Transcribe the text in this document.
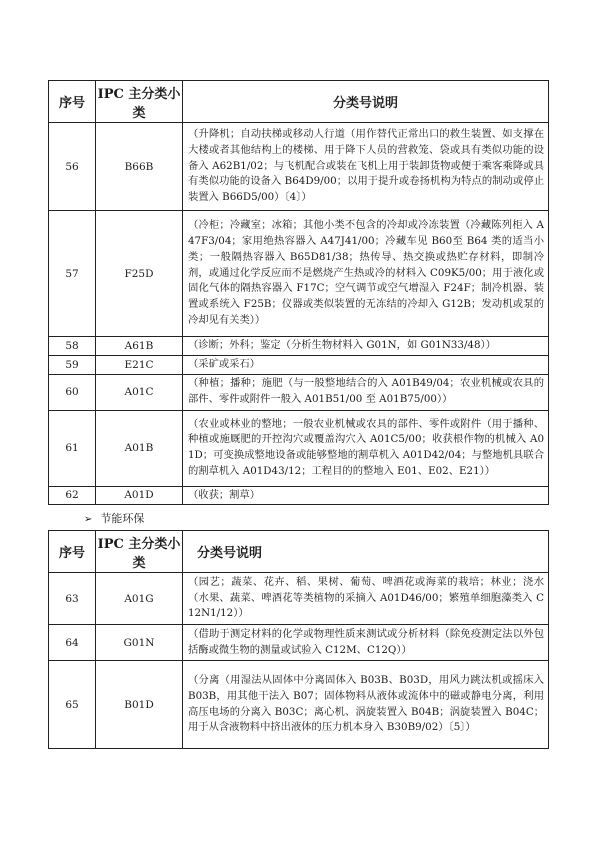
序号	IPC 主分类小类	分类号说明
56	B66B	（升降机；自动扶梯或移动人行道（用作替代正常出口的救生装置、如支撑在大楼或者其他结构上的楼梯、用于降下人员的营救笼、袋或具有类似功能的设备入 A62B1/02；与飞机配合或装在飞机上用于装卸货物或便于乘客乘降或具有类似功能的设备入 B64D9/00；以用于提升或卷扬机构为特点的制动或停止装置入 B66D5/00）〔4〕）
57	F25D	（冷柜；冷藏室；冰箱；其他小类不包含的冷却或冷冻装置（冷藏陈列柜入 A47F3/04；家用绝热容器入 A47J41/00；冷藏车见 B60至 B64 类的适当小类；一般隔热容器入 B65D81/38；热传导、热交换或热贮存材料，即制冷剂，或通过化学反应而不是燃烧产生热或冷的材料入 C09K5/00；用于液化或固化气体的隔热容器入 F17C；空气调节或空气增湿入 F24F；制冷机器、装置或系统入 F25B；仪器或类似装置的无冻结的冷却入 G12B；发动机或泵的冷却见有关类））
58	A61B	（诊断；外科；鉴定（分析生物材料入 G01N，如 G01N33/48））
59	E21C	（采矿或采石）
60	A01C	（种植；播种；施肥（与一般整地结合的入 A01B49/04；农业机械或农具的部件、零件或附件一般入 A01B51/00 至 A01B75/00））
61	A01B	（农业或林业的整地；一般农业机械或农具的部件、零件或附件（用于播种、种植或施厩肥的开控沟穴或覆盖沟穴入 A01C5/00；收获根作物的机械入 A01D；可变换成整地设备或能够整地的割草机入 A01D42/04；与整地机具联合的割草机入 A01D43/12；工程目的的整地入 E01、E02、E21））
62	A01D	（收获；割草）
➢ 节能环保
序号	IPC 主分类小类	分类号说明
63	A01G	（园艺；蔬菜、花卉、稻、果树、葡萄、啤酒花或海菜的栽培；林业；浇水（水果、蔬菜、啤酒花等类植物的采摘入 A01D46/00；繁殖单细胞藻类入 C12N1/12））
64	G01N	（借助于测定材料的化学或物理性质来测试或分析材料（除免疫测定法以外包括酶或微生物的测量或试验入 C12M、C12Q））
65	B01D	（分离（用湿法从固体中分离固体入 B03B、B03D，用风力跳汰机或摇床入 B03B，用其他干法入 B07；固体物料从液体或流体中的磁或静电分离，利用高压电场的分离入 B03C；离心机、涡旋装置入 B04B；涡旋装置入 B04C；用于从含液物料中挤出液体的压力机本身入 B30B9/02）〔5〕）
